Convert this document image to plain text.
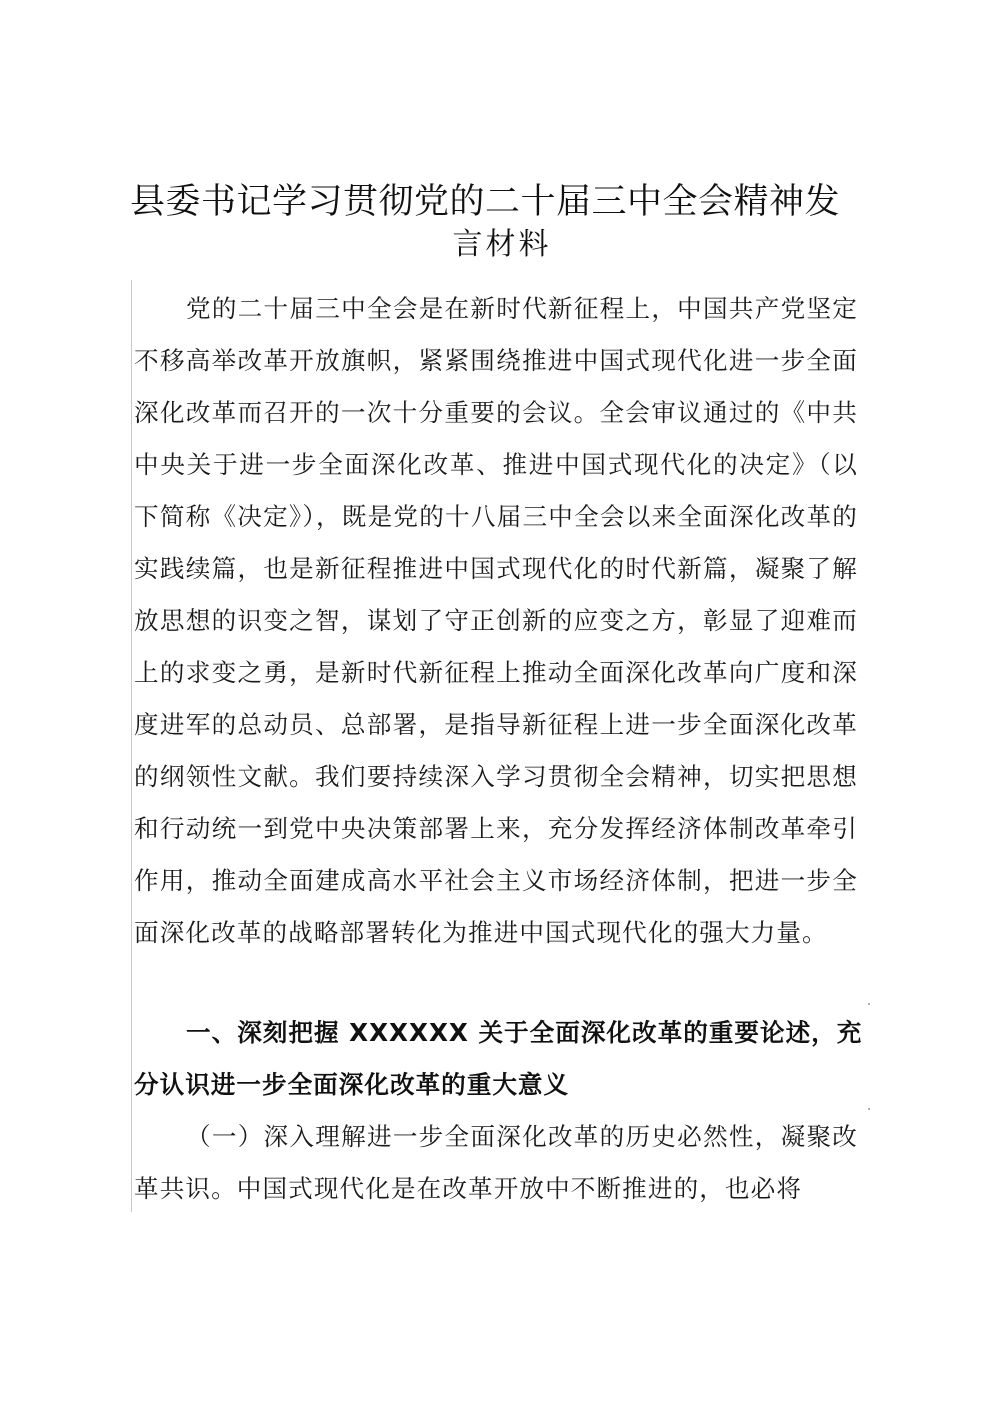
县委书记学习贯彻党的二十届三中全会精神发
言材料

党的二十届三中全会是在新时代新征程上，中国共产党坚定不移高举改革开放旗帜，紧紧围绕推进中国式现代化进一步全面深化改革而召开的一次十分重要的会议。全会审议通过的《中共中央关于进一步全面深化改革、推进中国式现代化的决定》（以下简称《决定》），既是党的十八届三中全会以来全面深化改革的实践续篇，也是新征程推进中国式现代化的时代新篇，凝聚了解放思想的识变之智，谋划了守正创新的应变之方，彰显了迎难而上的求变之勇，是新时代新征程上推动全面深化改革向广度和深度进军的总动员、总部署，是指导新征程上进一步全面深化改革的纲领性文献。我们要持续深入学习贯彻全会精神，切实把思想和行动统一到党中央决策部署上来，充分发挥经济体制改革牵引作用，推动全面建成高水平社会主义市场经济体制，把进一步全面深化改革的战略部署转化为推进中国式现代化的强大力量。

一、深刻把握 XXXXXX 关于全面深化改革的重要论述，充分认识进一步全面深化改革的重大意义

（一）深入理解进一步全面深化改革的历史必然性，凝聚改革共识。中国式现代化是在改革开放中不断推进的，也必将
